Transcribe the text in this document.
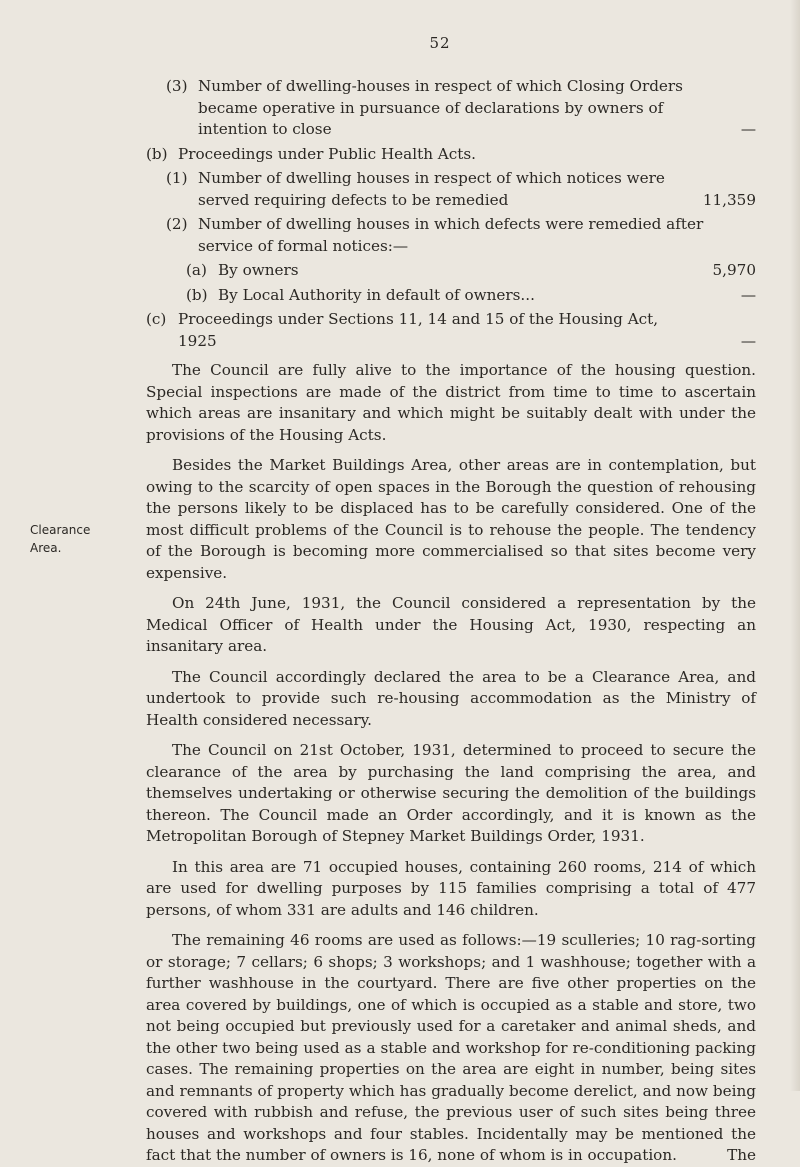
52
Clearance Area.
(3) Number of dwelling-houses in respect of which Closing Orders became operative in pursuance of declarations by owners of intention to close	—
(b) Proceedings under Public Health Acts.
(1) Number of dwelling houses in respect of which notices were served requiring defects to be remedied	11,359
(2) Number of dwelling houses in which defects were remedied after service of formal notices:—
(a) By owners	5,970
(b) By Local Authority in default of owners...	—
(c) Proceedings under Sections 11, 14 and 15 of the Housing Act, 1925	—

The Council are fully alive to the importance of the housing question. Special inspections are made of the district from time to time to ascertain which areas are insanitary and which might be suitably dealt with under the provisions of the Housing Acts.

Besides the Market Buildings Area, other areas are in contemplation, but owing to the scarcity of open spaces in the Borough the question of rehousing the persons likely to be displaced has to be carefully considered. One of the most difficult problems of the Council is to rehouse the people. The tendency of the Borough is becoming more commercialised so that sites become very expensive.

On 24th June, 1931, the Council considered a representation by the Medical Officer of Health under the Housing Act, 1930, respecting an insanitary area.

The Council accordingly declared the area to be a Clearance Area, and undertook to provide such re-housing accommodation as the Ministry of Health considered necessary.

The Council on 21st October, 1931, determined to proceed to secure the clearance of the area by purchasing the land comprising the area, and themselves undertaking or otherwise securing the demolition of the buildings thereon. The Council made an Order accordingly, and it is known as the Metropolitan Borough of Stepney Market Buildings Order, 1931.

In this area are 71 occupied houses, containing 260 rooms, 214 of which are used for dwelling purposes by 115 families comprising a total of 477 persons, of whom 331 are adults and 146 children.

The remaining 46 rooms are used as follows:—19 sculleries; 10 rag-sorting or storage; 7 cellars; 6 shops; 3 workshops; and 1 washhouse; together with a further washhouse in the courtyard. There are five other properties on the area covered by buildings, one of which is occupied as a stable and store, two not being occupied but previously used for a caretaker and animal sheds, and the other two being used as a stable and workshop for re-conditioning packing cases. The remaining properties on the area are eight in number, being sites and remnants of property which has gradually become derelict, and now being covered with rubbish and refuse, the previous user of such sites being three houses and workshops and four stables. Incidentally may be mentioned the fact that the number of owners is 16, none of whom is in occupation.	The
